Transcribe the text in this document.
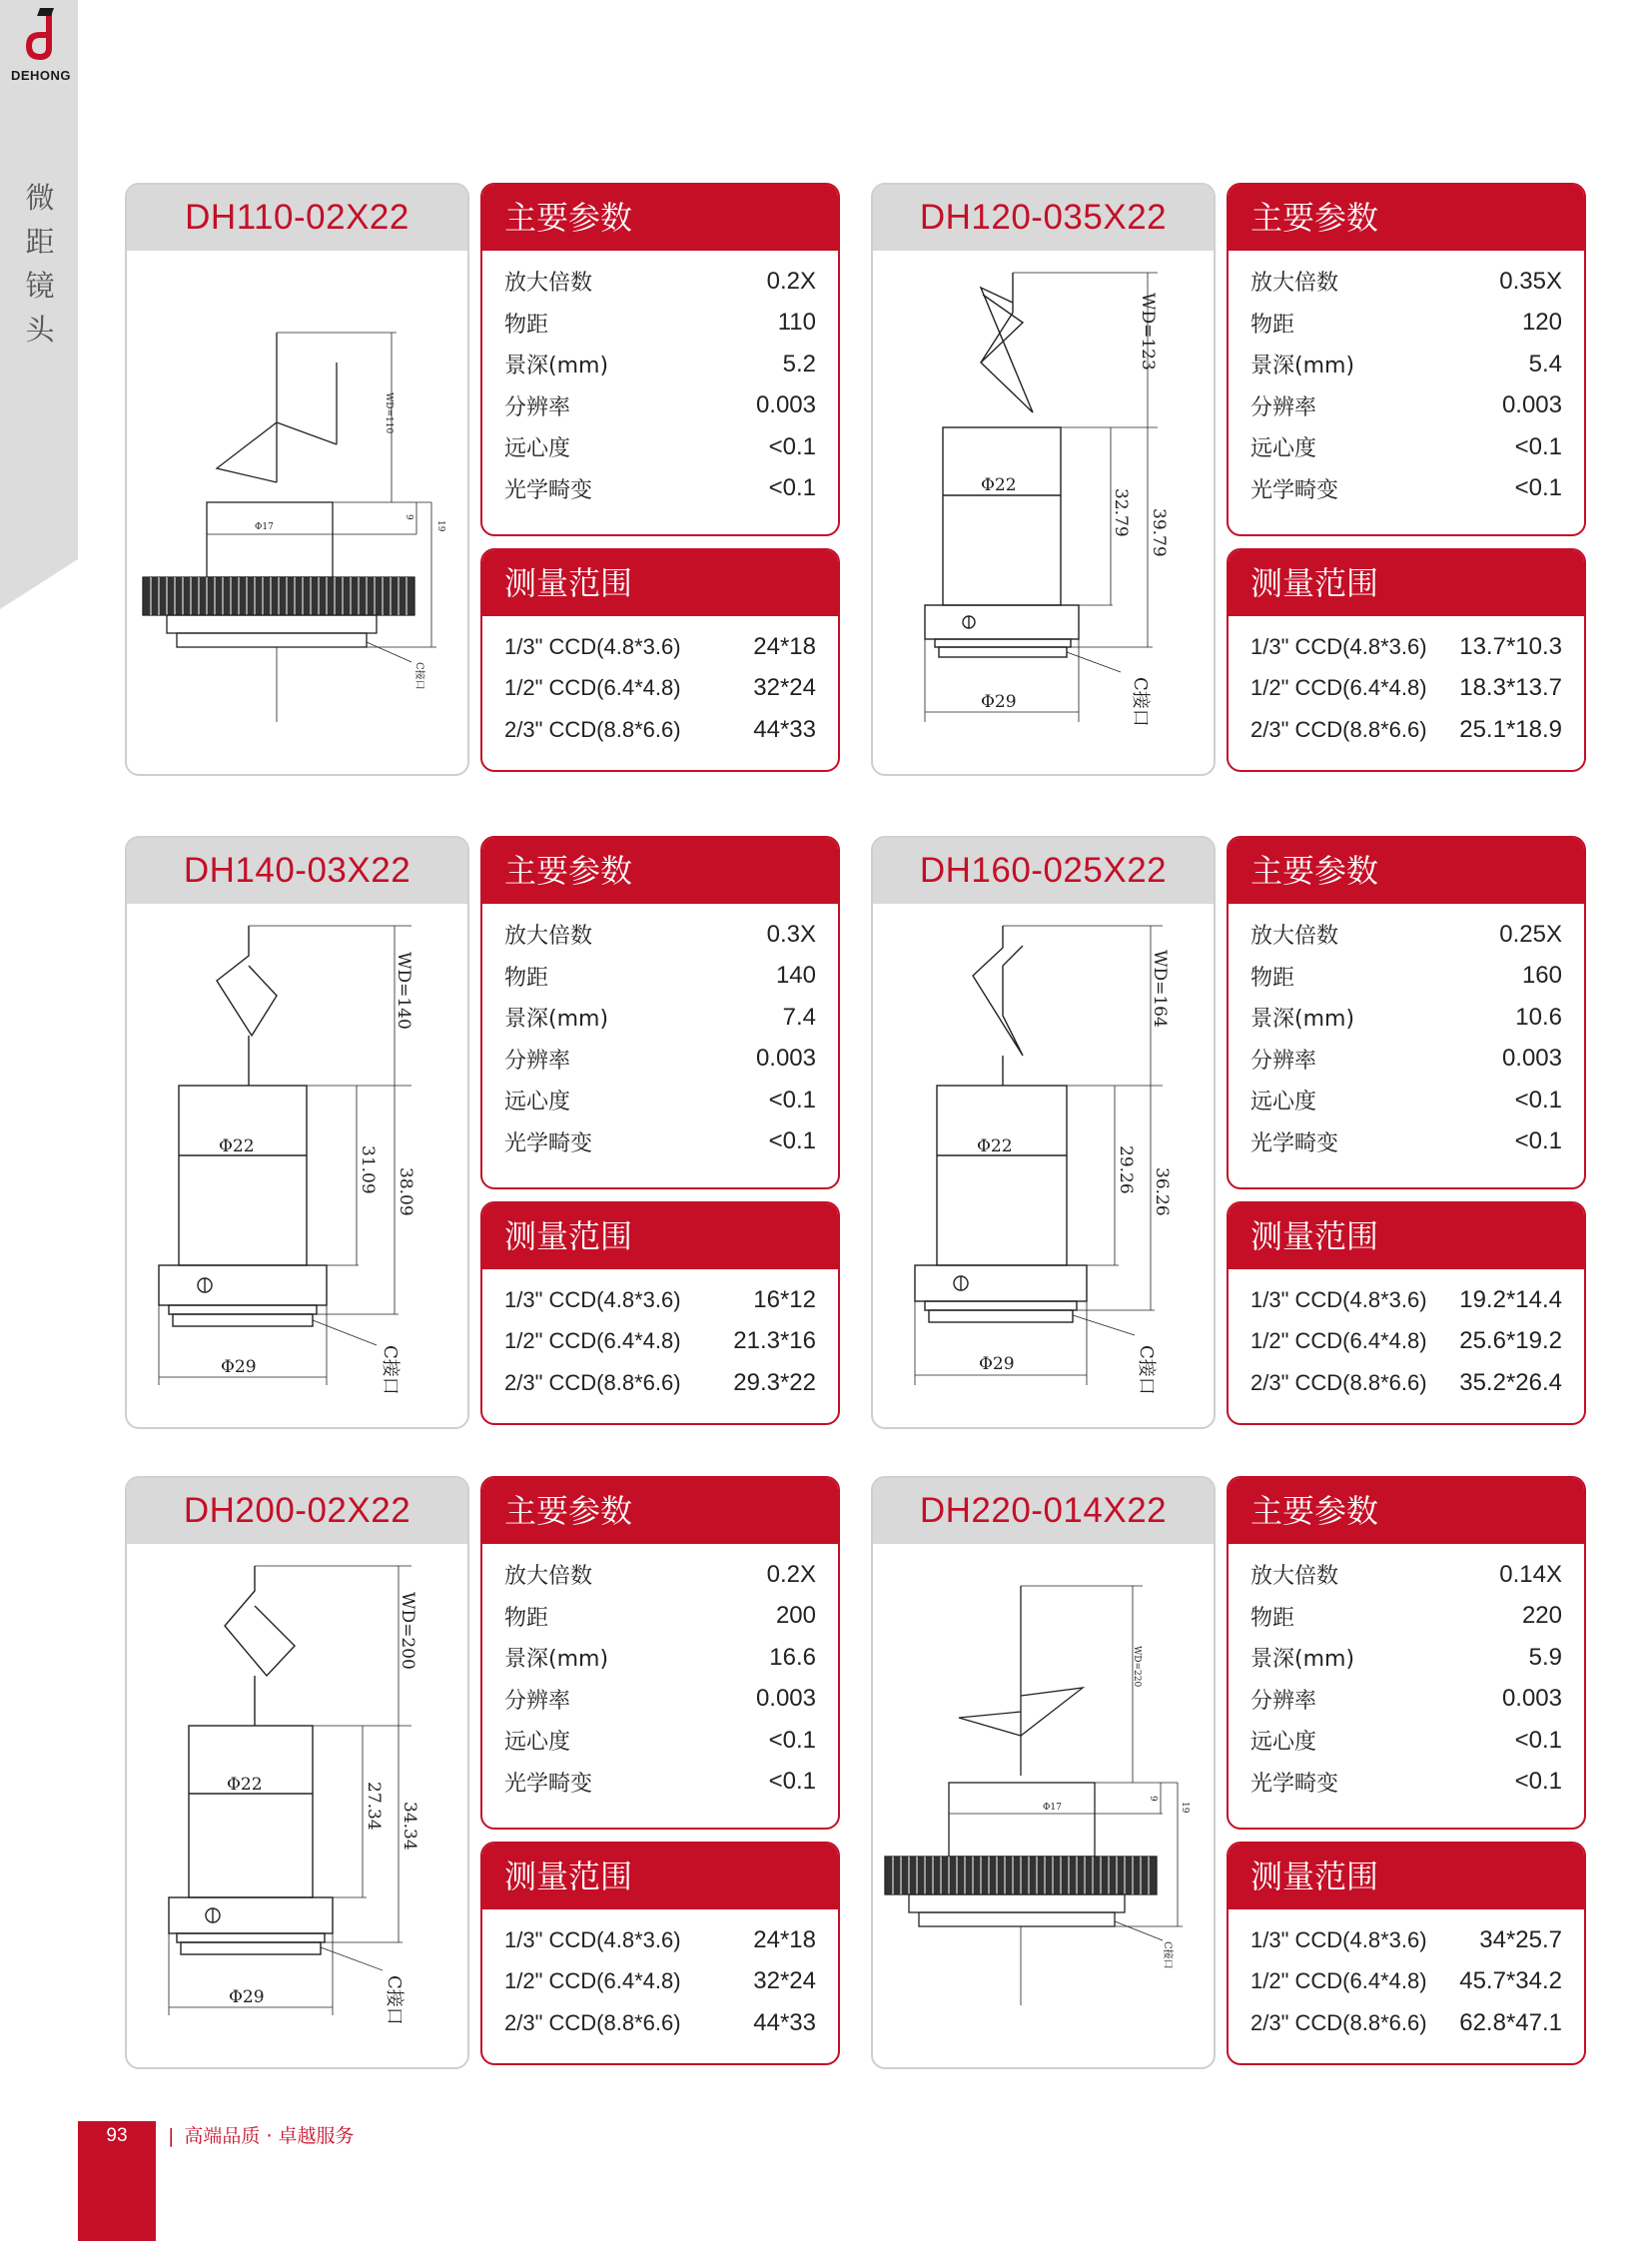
DEHONG
微距镜头
DH110-02X22
WD=110
Φ17
9
19
C接口
主要参数
放大倍数	0.2X
物距	110
景深(mm)	5.2
分辨率	0.003
远心度	<0.1
光学畸变	<0.1
测量范围
1/3" CCD(4.8*3.6)	24*18
1/2" CCD(6.4*4.8)	32*24
2/3" CCD(8.8*6.6)	44*33
DH120-035X22
WD=123
Φ22
32.79 39.79
Φ29	C接口
主要参数
放大倍数	0.35X
物距	120
景深(mm)	5.4
分辨率	0.003
远心度	<0.1
光学畸变	<0.1
测量范围
1/3" CCD(4.8*3.6) 13.7*10.3
1/2" CCD(6.4*4.8) 18.3*13.7
2/3" CCD(8.8*6.6) 25.1*18.9
DH140-03X22
WD=140
Φ22	31.09 38.09
Φ29	C接口
主要参数
放大倍数	0.3X
物距	140
景深(mm)	7.4
分辨率	0.003
远心度	<0.1
光学畸变	<0.1
测量范围
1/3" CCD(4.8*3.6)	16*12
1/2" CCD(6.4*4.8) 21.3*16
2/3" CCD(8.8*6.6) 29.3*22
DH160-025X22
WD=164
Φ22	29.26 36.26
Φ29	C接口
主要参数
放大倍数	0.25X
物距	160
景深(mm)	10.6
分辨率	0.003
远心度	<0.1
光学畸变	<0.1
测量范围
1/3" CCD(4.8*3.6) 19.2*14.4
1/2" CCD(6.4*4.8) 25.6*19.2
2/3" CCD(8.8*6.6) 35.2*26.4
DH200-02X22
WD=200
Φ22	27.34 34.34
Φ29	C接口
主要参数
放大倍数	0.2X
物距	200
景深(mm)	16.6
分辨率	0.003
远心度	<0.1
光学畸变	<0.1
测量范围
1/3" CCD(4.8*3.6)	24*18
1/2" CCD(6.4*4.8)	32*24
2/3" CCD(8.8*6.6)	44*33
DH220-014X22
WD=220
Φ17
9
19
C接口
主要参数
放大倍数	0.14X
物距	220
景深(mm)	5.9
分辨率	0.003
远心度	<0.1
光学畸变	<0.1
测量范围
1/3" CCD(4.8*3.6) 34*25.7
1/2" CCD(6.4*4.8) 45.7*34.2
2/3" CCD(8.8*6.6) 62.8*47.1
93	| 高端品质 · 卓越服务
